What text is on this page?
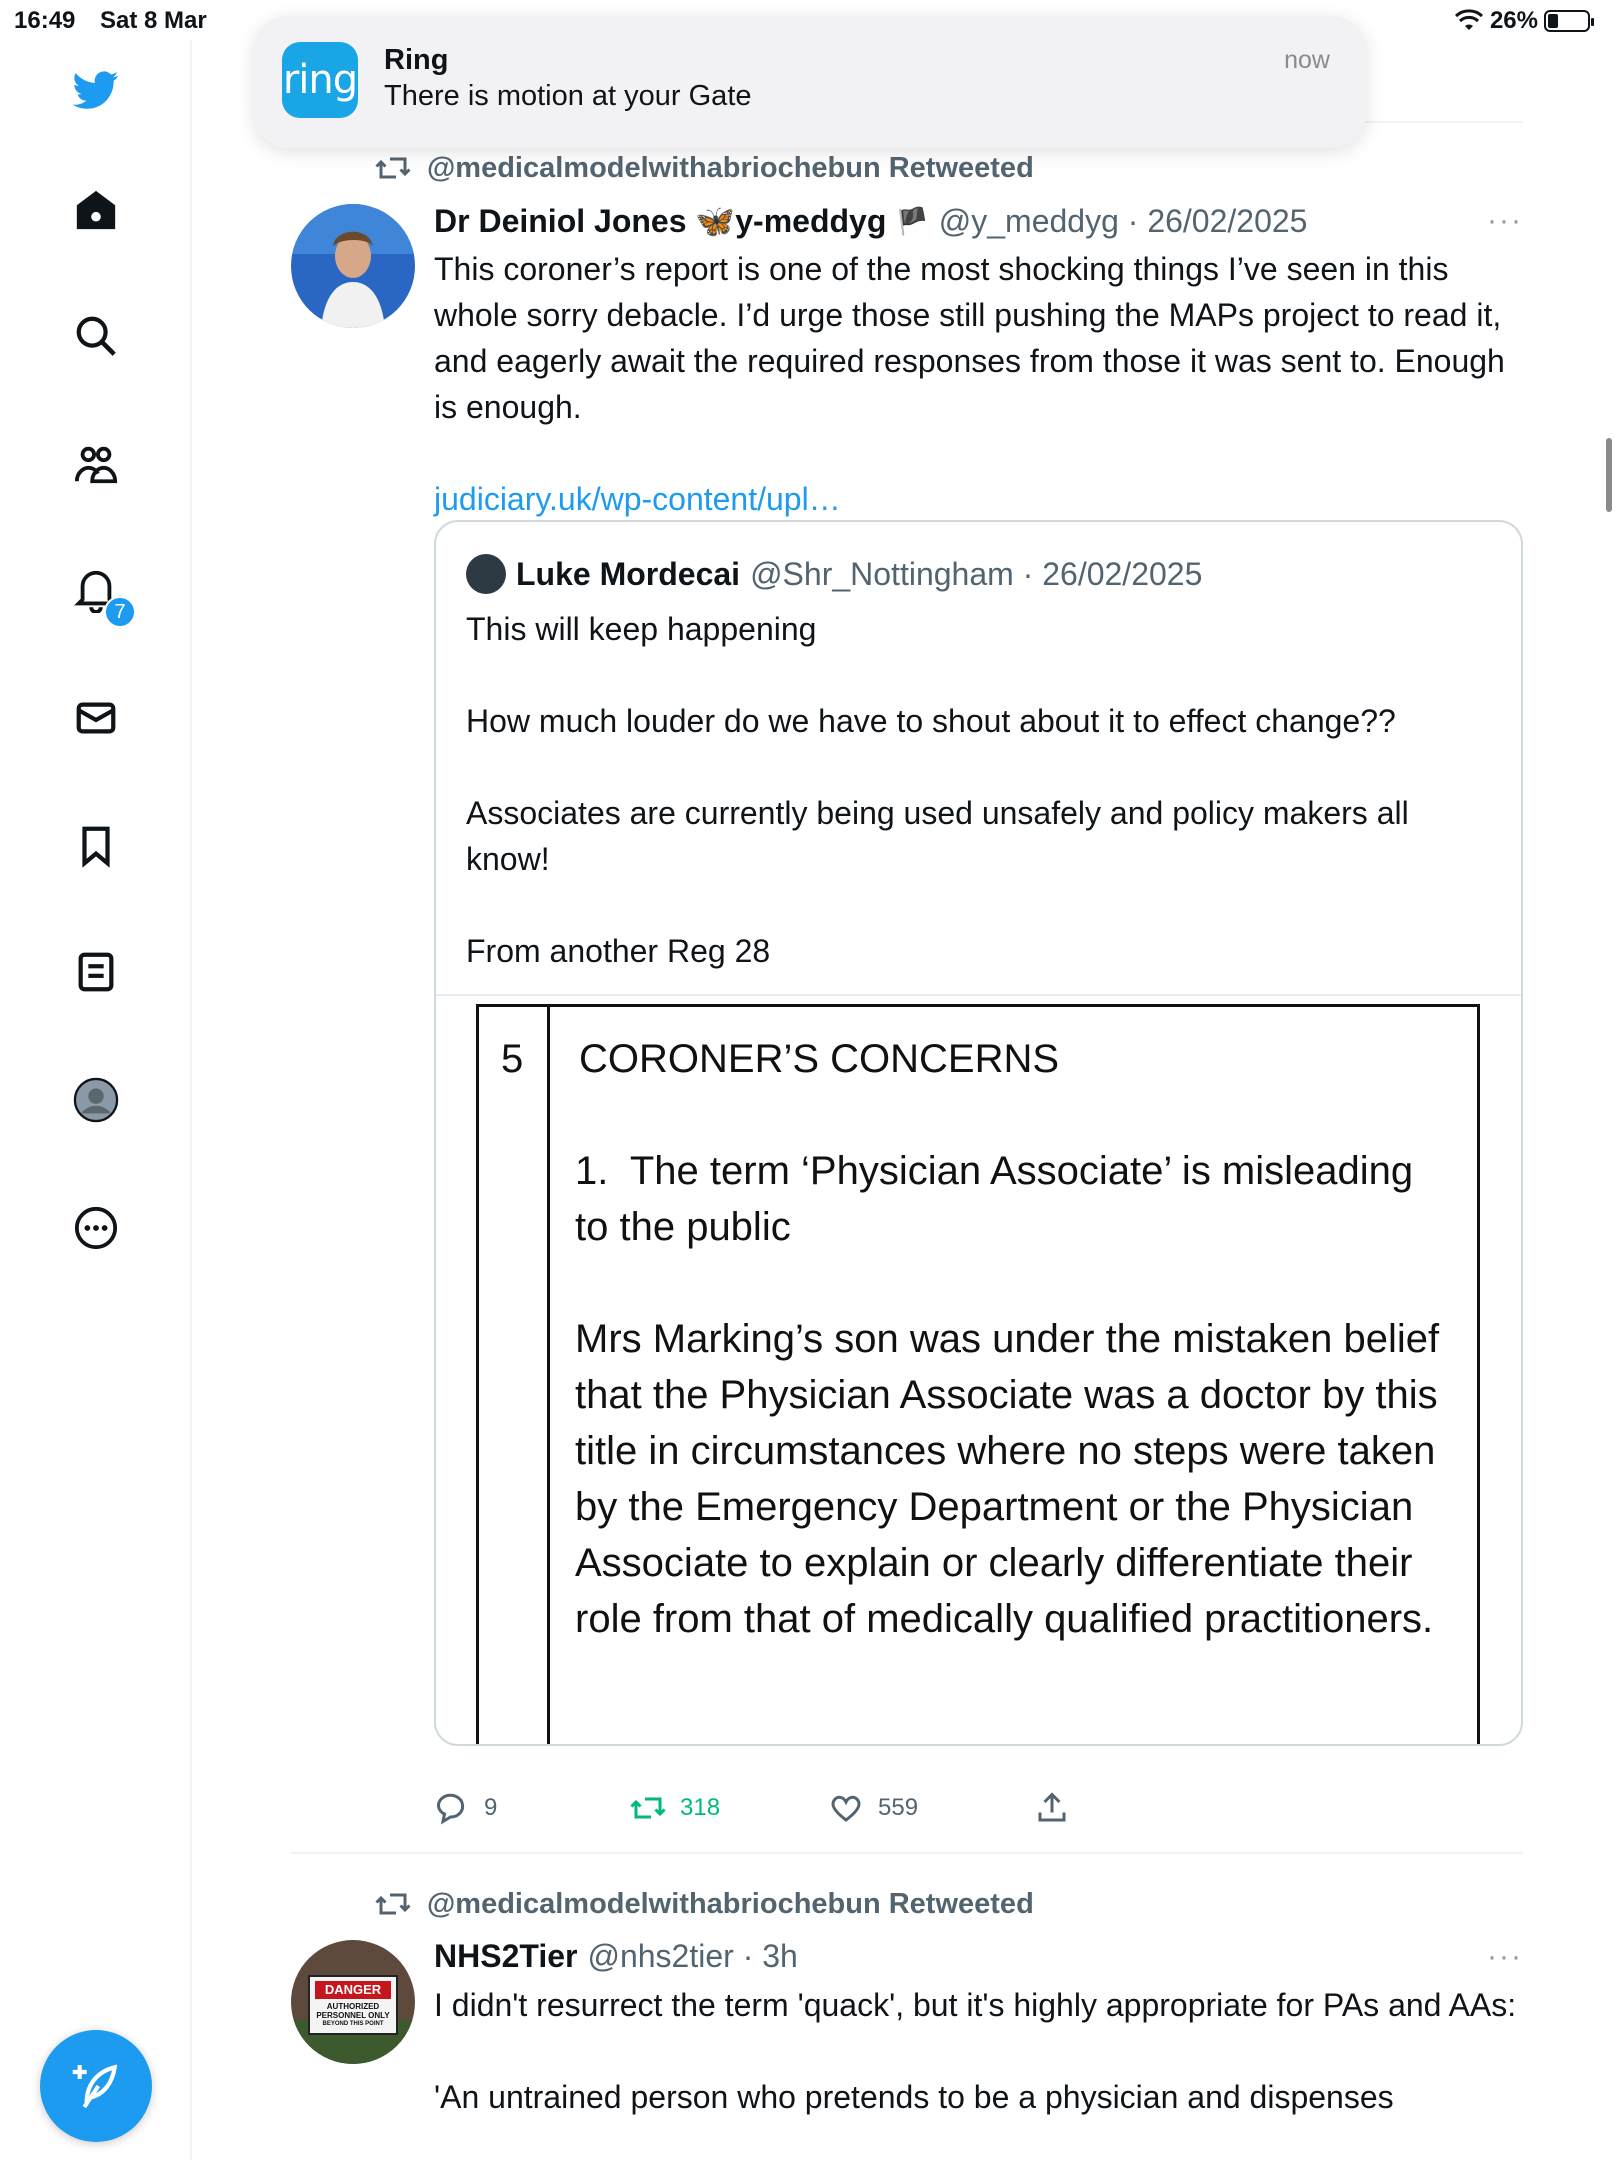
16:49 Sat 8 Mar	26%
7
@medicalmodelwithabriochebun Retweeted
Dr Deiniol Jones 🦋y-meddyg 🏴 @y_meddyg · 26/02/2025	···
This coroner’s report is one of the most shocking things I’ve seen in this whole sorry debacle. I’d urge those still pushing the MAPs project to read it, and eagerly await the required responses from those it was sent to. Enough is enough.
judiciary.uk/wp-content/upl…
Luke Mordecai @Shr_Nottingham · 26/02/2025
This will keep happening

How much louder do we have to shout about it to effect change??

Associates are currently being used unsafely and policy makers all know!

From another Reg 28
5 CORONER’S CONCERNS
1.  The term ‘Physician Associate’ is misleading to the public

Mrs Marking’s son was under the mistaken belief that the Physician Associate was a doctor by this title in circumstances where no steps were taken by the Emergency Department or the Physician Associate to explain or clearly differentiate their role from that of medically qualified practitioners.
9	318	559
@medicalmodelwithabriochebun Retweeted
DANGER
AUTHORIZED
PERSONNEL ONLY
BEYOND THIS POINT
NHS2Tier @nhs2tier · 3h	···
I didn't resurrect the term 'quack', but it's highly appropriate for PAs and AAs:

'An untrained person who pretends to be a physician and dispenses
ring Ring
There is motion at your Gate
now
